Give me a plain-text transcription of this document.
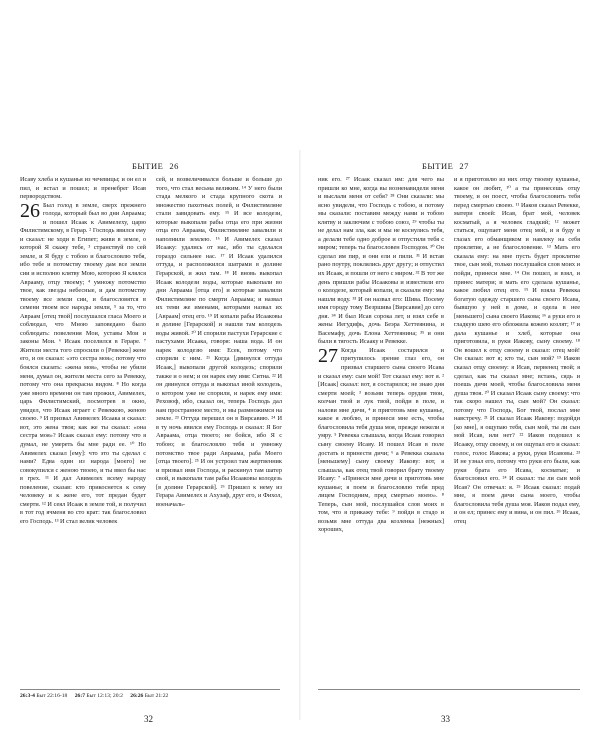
БЫТИЕ 26

Исаву хлеба и кушанья из чечевицы; и он ел и пил, и встал и пошел; и пренебрег Исав первородством.

26 Был голод в земле, сверх прежнего голода, который был во дни Авраама; и пошел Исаак к Авимелеху, царю Филистимскому, в Герар. ² Господь явился ему и сказал: не ходи в Египет; живи в земле, о которой Я скажу тебе, ³ странствуй по сей земле, и Я буду с тобою и благословлю тебя, ибо тебе и потомству твоему дам все земли сии и исполню клятву Мою, которою Я клялся Аврааму, отцу твоему; ⁴ умножу потомство твое, как звезды небесные, и дам потомству твоему все земли сии, и благословятся в семени твоем все народы земли, ⁵ за то, что Авраам [отец твой] послушался гласа Моего и соблюдал, что Мною заповедано было соблюдать: повеления Мои, уставы Мои и законы Мои. ⁶ Исаак поселился в Гераре. ⁷ Жители места того спросили о [Ревекке] жене его, и он сказал: «это сестра моя»; потому что боялся сказать: «жена моя», чтобы не убили меня, думал он, жители места сего за Ревекку, потому что она прекрасна видом. ⁸ Но когда уже много времени он там прожил, Авимелех, царь Филистимский, посмотрев в окно, увидел, что Исаак играет с Ревеккою, женою своею. ⁹ И призвал Авимелех Исаака и сказал: вот, это жена твоя; как же ты сказал: «она сестра моя»? Исаак сказал ему: потому что я думал, не умереть бы мне ради ее. ¹⁰ Но Авимелех сказал [ему]: что это ты сделал с нами? Едва один из народа [моего] не совокупился с женою твоею, и ты ввел бы нас в грех. ¹¹ И дал Авимелех всему народу повеление, сказав: кто прикоснется к сему человеку и к жене его, тот предан будет смерти. ¹² И сеял Исаак в земле той, и получил в тот год ячменя во сто крат: так благословил его Господь. ¹³ И стал велик человек

сей, и возвеличивался больше и больше до того, что стал весьма великим. ¹⁴ У него были стада мелкого и стада крупного скота и множество пахотных полей, и Филистимляне стали завидовать ему. ¹⁵ И все колодези, которые выкопали рабы отца его при жизни отца его Авраама, Филистимляне завалили и наполнили землею. ¹⁶ И Авимелех сказал Исааку: удались от нас, ибо ты сделался гораздо сильнее нас. ¹⁷ И Исаак удалился оттуда, и расположился шатрами в долине Герарской, и жил там. ¹⁸ И вновь выкопал Исаак колодези воды, которые выкопали во дни Авраама [отца его] и которые завалили Филистимляне по смерти Авраама; и назвал их теми же именами, которыми назвал их [Авраам] отец его. ¹⁹ И копали рабы Исааковы в долине [Герарской] и нашли там колодезь воды живой. ²⁰ И спорили пастухи Герарские с пастухами Исаака, говоря: наша вода. И он нарек колодезю имя: Есек, потому что спорили с ним. ²¹ Когда [двинулся оттуда Исаак,] выкопали другой колодезь; спорили также и о нем; и он нарек ему имя: Ситна. ²² И он двинулся оттуда и выкопал иной колодезь, о котором уже не спорили, и нарек ему имя: Реховоф, ибо, сказал он, теперь Господь дал нам пространное место, и мы размножимся на земле. ²³ Оттуда перешел он в Вирсавию. ²⁴ И в ту ночь явился ему Господь и сказал: Я Бог Авраама, отца твоего; не бойся, ибо Я с тобою; и благословлю тебя и умножу потомство твое ради Авраама, раба Моего [отца твоего]. ²⁵ И он устроил там жертвенник и призвал имя Господа, и раскинул там шатер свой, и выкопали там рабы Исааковы колодезь [в долине Герарской]. ²⁶ Пришел к нему из Герара Авимелех и Ахузаф, друг его, и Фихол, военачаль-

26:3-4 Быт 22:16-18 26:7 Быт 12:13; 20:2 26:26 Быт 21:22
32
БЫТИЕ 27

ник его. ²⁷ Исаак сказал им: для чего вы пришли ко мне, когда вы возненавидели меня и выслали меня от себя? ²⁸ Они сказали: мы ясно увидели, что Господь с тобою, и потому мы сказали: поставим между нами и тобою клятву и заключим с тобою союз, ²⁹ чтобы ты не делал нам зла, как и мы не коснулись тебя, а делали тебе одно доброе и отпустили тебя с миром; теперь ты благословен Господом. ³⁰ Он сделал им пир, и они ели и пили. ³¹ И встав рано поутру, поклялись друг другу; и отпустил их Исаак, и пошли от него с миром. ³² В тот же день пришли рабы Исааковы и известили его о колодезе, который копали, и сказали ему: мы нашли воду. ³³ И он назвал его: Шива. Посему имя городу тому Везршива [Вирсавия] до сего дня. ³⁴ И был Исав сорока лет, и взял себе в жены Иегудифь, дочь Беэра Хеттеянина, и Васемафу, дочь Елона Хеттеянина; ³⁵ и они были в тягость Исааку и Ревекке.

27 Когда Исаак состарился и притупилось зрение глаз его, он призвал старшего сына своего Исава и сказал ему: сын мой! Тот сказал ему: вот я. ² [Исаак] сказал: вот, я состарился; не знаю дня смерти моей; ³ возьми теперь орудия твои, колчан твой и лук твой, пойди в поле, и налови мне дичи, ⁴ и приготовь мне кушанье, какое я люблю, и принеси мне есть, чтобы благословила тебя душа моя, прежде нежели я умру. ⁵ Ревекка слышала, когда Исаак говорил сыну своему Исаву. И пошел Исав в поле достать и принести дичи; ⁶ а Ревекка сказала [меньшему] сыну своему Иакову: вот, я слышала, как отец твой говорил брату твоему Исаву: ⁷ «Принеси мне дичи и приготовь мне кушанье; я поем и благословлю тебя пред лицем Господним, пред смертью моею». ⁸ Теперь, сын мой, послушайся слов моих в том, что я прикажу тебе: ⁹ пойди в стадо и возьми мне оттуда два козленка [нежных] хороших,

и я приготовлю из них отцу твоему кушанье, какое он любит, ¹⁰ а ты принесешь отцу твоему, и он поест, чтобы благословить тебя перед смертью своею. ¹¹ Иаков сказал Ревекке, матери своей: Исав, брат мой, человек косматый, а я человек гладкий; ¹² может статься, ощупает меня отец мой, и я буду в глазах его обманщиком и навлеку на себя проклятие, а не благословение. ¹³ Мать его сказала ему: на мне пусть будет проклятие твое, сын мой, только послушайся слов моих и пойди, принеси мне. ¹⁴ Он пошел, и взял, и принес матери; и мать его сделала кушанье, какое любил отец его. ¹⁵ И взяла Ревекка богатую одежду старшего сына своего Исава, бывшую у ней в доме, и одела в нее [меньшего] сына своего Иакова; ¹⁶ а руки его и гладкую шею его обложила кожею козлят; ¹⁷ и дала кушанье и хлеб, которые она приготовила, в руки Иакову, сыну своему. ¹⁸ Он вошел к отцу своему и сказал: отец мой! Он сказал: вот я; кто ты, сын мой? ¹⁹ Иаков сказал отцу своему: я Исав, первенец твой; я сделал, как ты сказал мне; встань, сядь и поешь дичи моей, чтобы благословила меня душа твоя. ²⁰ И сказал Исаак сыну своему: что так скоро нашел ты, сын мой? Он сказал: потому что Господь, Бог твой, послал мне навстречу. ²¹ И сказал Исаак Иакову: подойди [ко мне], я ощупаю тебя, сын мой, ты ли сын мой Исав, или нет? ²² Иаков подошел к Исааку, отцу своему, и он ощупал его и сказал: голос, голос Иакова; а руки, руки Исавовы. ²³ И не узнал его, потому что руки его были, как руки брата его Исава, косматые; и благословил его. ²⁴ И сказал: ты ли сын мой Исав? Он отвечал: я. ²⁵ Исаак сказал: подай мне, я поем дичи сына моего, чтобы благословила тебя душа моя. Иаков подал ему, и он ел; принес ему и вина, и он пил. ²⁶ Исаак, отец

33
